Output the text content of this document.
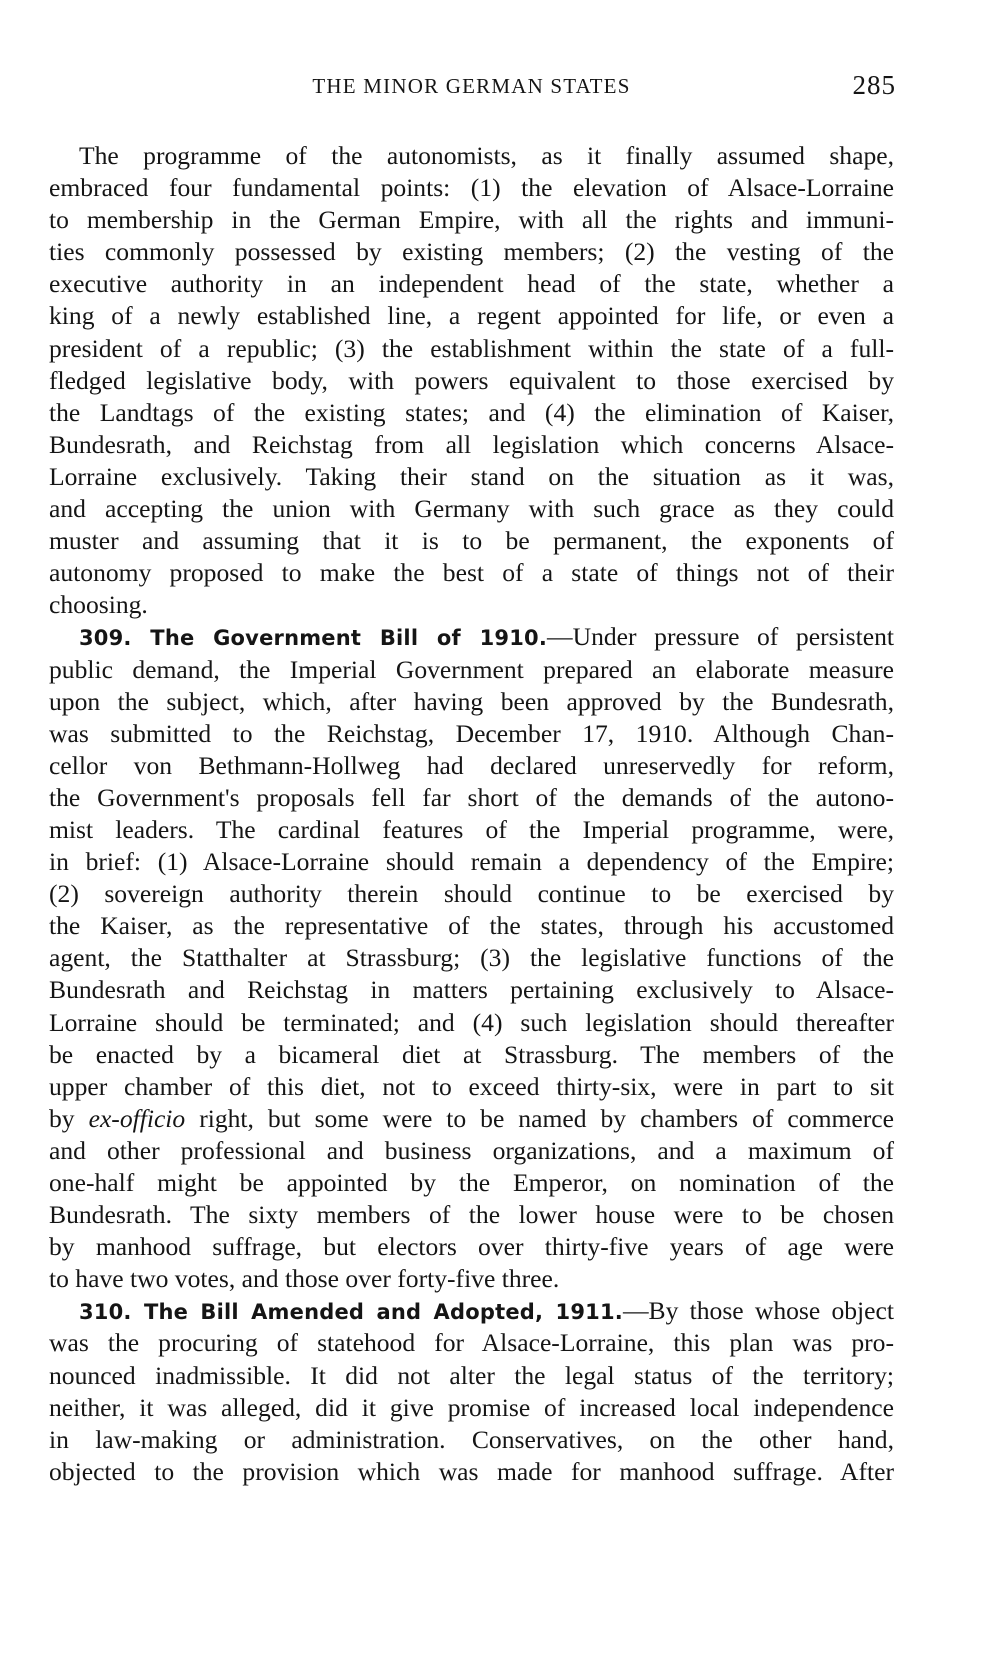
THE MINOR GERMAN STATES	285
The programme of the autonomists, as it finally assumed shape,
embraced four fundamental points: (1) the elevation of Alsace-Lorraine
to membership in the German Empire, with all the rights and immuni-
ties commonly possessed by existing members; (2) the vesting of the
executive authority in an independent head of the state, whether a
king of a newly established line, a regent appointed for life, or even a
president of a republic; (3) the establishment within the state of a full-
fledged legislative body, with powers equivalent to those exercised by
the Landtags of the existing states; and (4) the elimination of Kaiser,
Bundesrath, and Reichstag from all legislation which concerns Alsace-
Lorraine exclusively. Taking their stand on the situation as it was,
and accepting the union with Germany with such grace as they could
muster and assuming that it is to be permanent, the exponents of
autonomy proposed to make the best of a state of things not of their
choosing.
309. The Government Bill of 1910.—Under pressure of persistent
public demand, the Imperial Government prepared an elaborate measure
upon the subject, which, after having been approved by the Bundesrath,
was submitted to the Reichstag, December 17, 1910. Although Chan-
cellor von Bethmann-Hollweg had declared unreservedly for reform,
the Government's proposals fell far short of the demands of the autono-
mist leaders. The cardinal features of the Imperial programme, were,
in brief: (1) Alsace-Lorraine should remain a dependency of the Empire;
(2) sovereign authority therein should continue to be exercised by
the Kaiser, as the representative of the states, through his accustomed
agent, the Statthalter at Strassburg; (3) the legislative functions of the
Bundesrath and Reichstag in matters pertaining exclusively to Alsace-
Lorraine should be terminated; and (4) such legislation should thereafter
be enacted by a bicameral diet at Strassburg. The members of the
upper chamber of this diet, not to exceed thirty-six, were in part to sit
by ex-officio right, but some were to be named by chambers of commerce
and other professional and business organizations, and a maximum of
one-half might be appointed by the Emperor, on nomination of the
Bundesrath. The sixty members of the lower house were to be chosen
by manhood suffrage, but electors over thirty-five years of age were
to have two votes, and those over forty-five three.
310. The Bill Amended and Adopted, 1911.—By those whose object
was the procuring of statehood for Alsace-Lorraine, this plan was pro-
nounced inadmissible. It did not alter the legal status of the territory;
neither, it was alleged, did it give promise of increased local independence
in law-making or administration. Conservatives, on the other hand,
objected to the provision which was made for manhood suffrage. After
